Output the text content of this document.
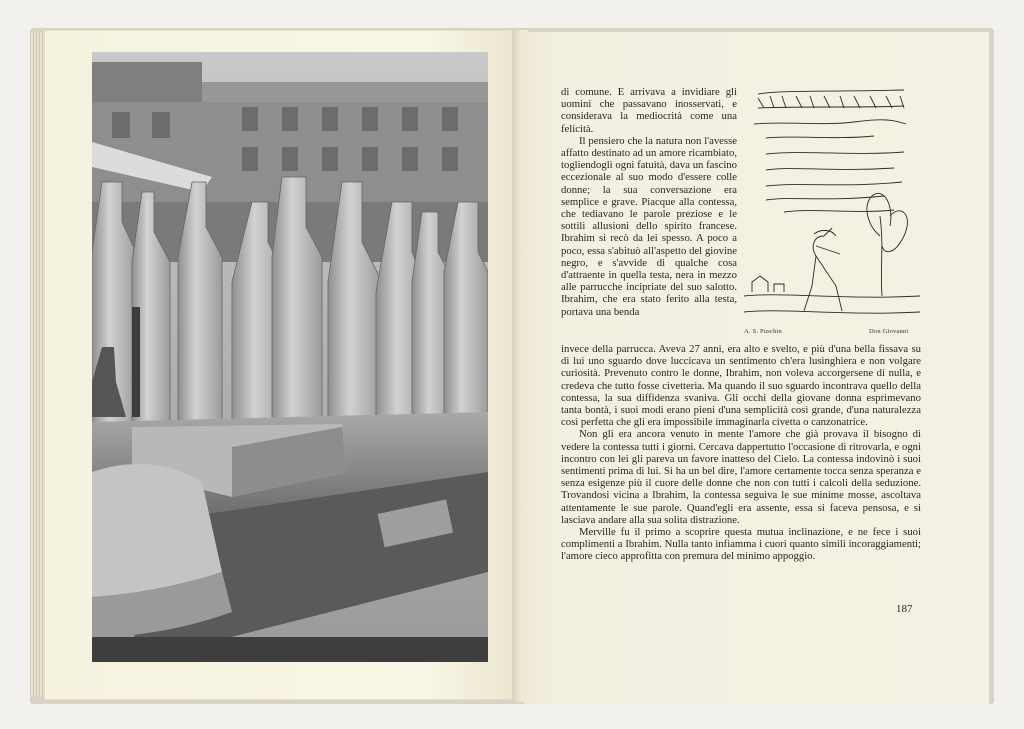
di comune. E arrivava a invidiare gli uomini che passavano inosservati, e considerava la mediocrità come una felicità.

Il pensiero che la natura non l'avesse affatto destinato ad un amore ricambiato, togliendogli ogni fatuità, dava un fascino eccezionale al suo modo d'essere colle donne; la sua conversazione era semplice e grave. Piacque alla contessa, che tediavano le parole preziose e le sottili allusioni dello spirito francese. Ibrahim si recò da lei spesso. A poco a poco, essa s'abituò all'aspetto del giovine negro, e s'avvide di qualche cosa d'attraente in quella testa, nera in mezzo alle parrucche incipriate del suo salotto. Ibrahim, che era stato ferito alla testa, portava una benda

A. S. Puschin	Don Giovanni

invece della parrucca. Aveva 27 anni, era alto e svelto, e più d'una bella fissava su di lui uno sguardo dove luccicava un sentimento ch'era lusinghiera e non volgare curiosità. Prevenuto contro le donne, Ibrahim, non voleva accorgersene di nulla, e credeva che tutto fosse civetteria. Ma quando il suo sguardo incontrava quello della contessa, la sua diffidenza svaniva. Gli occhi della giovane donna esprimevano tanta bontà, i suoi modi erano pieni d'una semplicità così grande, d'una naturalezza così perfetta che gli era impossibile immaginarla civetta o canzonatrice.

Non gli era ancora venuto in mente l'amore che già provava il bisogno di vedere la contessa tutti i giorni. Cercava dappertutto l'occasione di ritrovarla, e ogni incontro con lei gli pareva un favore inatteso del Cielo. La contessa indovinò i suoi sentimenti prima di lui. Si ha un bel dire, l'amore certamente tocca senza speranza e senza esigenze più il cuore delle donne che non con tutti i calcoli della seduzione. Trovandosi vicina a Ibrahim, la contessa seguiva le sue minime mosse, ascoltava attentamente le sue parole. Quand'egli era assente, essa si faceva pensosa, e si lasciava andare alla sua solita distrazione.

Merville fu il primo a scoprire questa mutua inclinazione, e ne fece i suoi complimenti a Ibrahim. Nulla tanto infiamma i cuori quanto simili incoraggiamenti; l'amore cieco approfitta con premura del minimo appoggio.

187
